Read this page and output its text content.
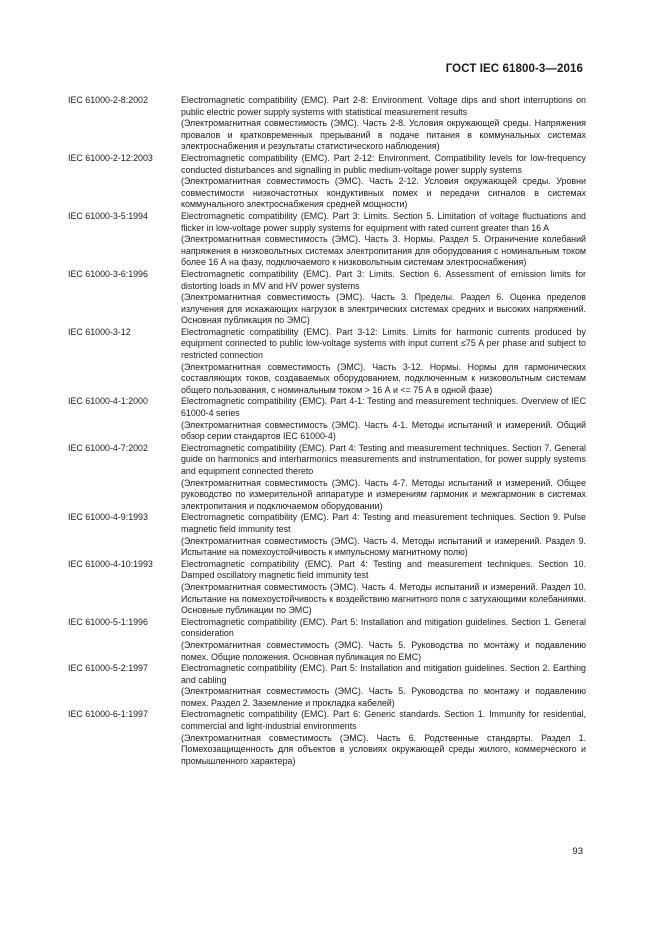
ГОСТ IEC 61800-3—2016
IEC 61000-2-8:2002	Electromagnetic compatibility (EMC). Part 2-8: Environment. Voltage dips and short interruptions on public electric power supply systems with statistical measurement results

(Электромагнитная совместимость (ЭМС). Часть 2-8. Условия окружающей среды. Напряжения провалов и кратковременных прерываний в подаче питания в коммунальных системах электроснабжения и результаты статистического наблюдения)

IEC 61000-2-12:2003	Electromagnetic compatibility (EMC). Part 2-12: Environment. Compatibility levels for low-frequency conducted disturbances and signalling in public medium-voltage power supply systems

(Электромагнитная совместимость (ЭМС). Часть 2-12. Условия окружающей среды. Уровни совместимости низкочастотных кондуктивных помех и передачи сигналов в системах коммунального электроснабжения средней мощности)

IEC 61000-3-5:1994	Electromagnetic compatibility (EMC). Part 3: Limits. Section 5. Limitation of voltage fluctuations and flicker in low-voltage power supply systems for equipment with rated current greater than 16 A

(Электромагнитная совместимость (ЭМС). Часть 3. Нормы. Раздел 5. Ограничение колебаний напряжения в низковольтных системах электропитания для оборудования с номинальным током более 16 А на фазу, подключаемого к низковольтным системам электроснабжения)

IEC 61000-3-6:1996	Electromagnetic compatibility (EMC). Part 3: Limits. Section 6. Assessment of emission limits for distorting loads in MV and HV power systems

(Электромагнитная совместимость (ЭМС). Часть 3. Пределы. Раздел 6. Оценка пределов излучения для искажающих нагрузок в электрических системах средних и высоких напряжений. Основная публикация по ЭМС)

IEC 61000-3-12	Electromagnetic compatibility (EMC). Part 3-12: Limits. Limits for harmonic currents produced by equipment connected to public low-voltage systems with input current ≤75 A per phase and subject to restricted connection

(Электромагнитная совместимость (ЭМС). Часть 3-12. Нормы. Нормы для гармонических составляющих токов, создаваемых оборудованием, подключенным к низковольтным системам общего пользования, с номинальным током > 16 А и <= 75 А в одной фазе)

IEC 61000-4-1:2000	Electromagnetic compatibility (EMC). Part 4-1: Testing and measurement techniques. Overview of IEC 61000-4 series

(Электромагнитная совместимость (ЭМС). Часть 4-1. Методы испытаний и измерений. Общий обзор серии стандартов IEC 61000-4)

IEC 61000-4-7:2002	Electromagnetic compatibility (EMC). Part 4: Testing and measurement techniques. Section 7. General guide on harmonics and interharmonics measurements and instrumentation, for power supply systems and equipment connected thereto

(Электромагнитная совместимость (ЭМС). Часть 4-7. Методы испытаний и измерений. Общее руководство по измерительной аппаратуре и измерениям гармоник и межгармоник в системах электропитания и подключаемом оборудовании)

IEC 61000-4-9:1993	Electromagnetic compatibility (EMC). Part 4: Testing and measurement techniques. Section 9. Pulse magnetic field immunity test

(Электромагнитная совместимость (ЭМС). Часть 4. Методы испытаний и измерений. Раздел 9. Испытание на помехоустойчивость к импульсному магнитному полю)

IEC 61000-4-10:1993	Electromagnetic compatibility (EMC). Part 4: Testing and measurement techniques. Section 10. Damped oscillatory magnetic field immunity test

(Электромагнитная совместимость (ЭМС). Часть 4. Методы испытаний и измерений. Раздел 10. Испытание на помехоустойчивость к воздействию магнитного поля с затухающими колебаниями. Основные публикации по ЭМС)

IEC 61000-5-1:1996	Electromagnetic compatibility (EMC). Part 5: Installation and mitigation guidelines. Section 1. General consideration

(Электромагнитная совместимость (ЭМС). Часть 5. Руководства по монтажу и подавлению помех. Общие положения. Основная публикация по ЕМС)

IEC 61000-5-2:1997	Electromagnetic compatibility (EMC). Part 5: Installation and mitigation guidelines. Section 2. Earthing and cabling

(Электромагнитная совместимость (ЭМС). Часть 5. Руководства по монтажу и подавлению помех. Раздел 2. Заземление и прокладка кабелей)

IEC 61000-6-1:1997	Electromagnetic compatibility (EMC). Part 6: Generic standards. Section 1. Immunity for residential, commercial and light-industrial environments

(Электромагнитная совместимость (ЭМС). Часть 6. Родственные стандарты. Раздел 1. Помехозащищенность для объектов в условиях окружающей среды жилого, коммерческого и промышленного характера)

93
